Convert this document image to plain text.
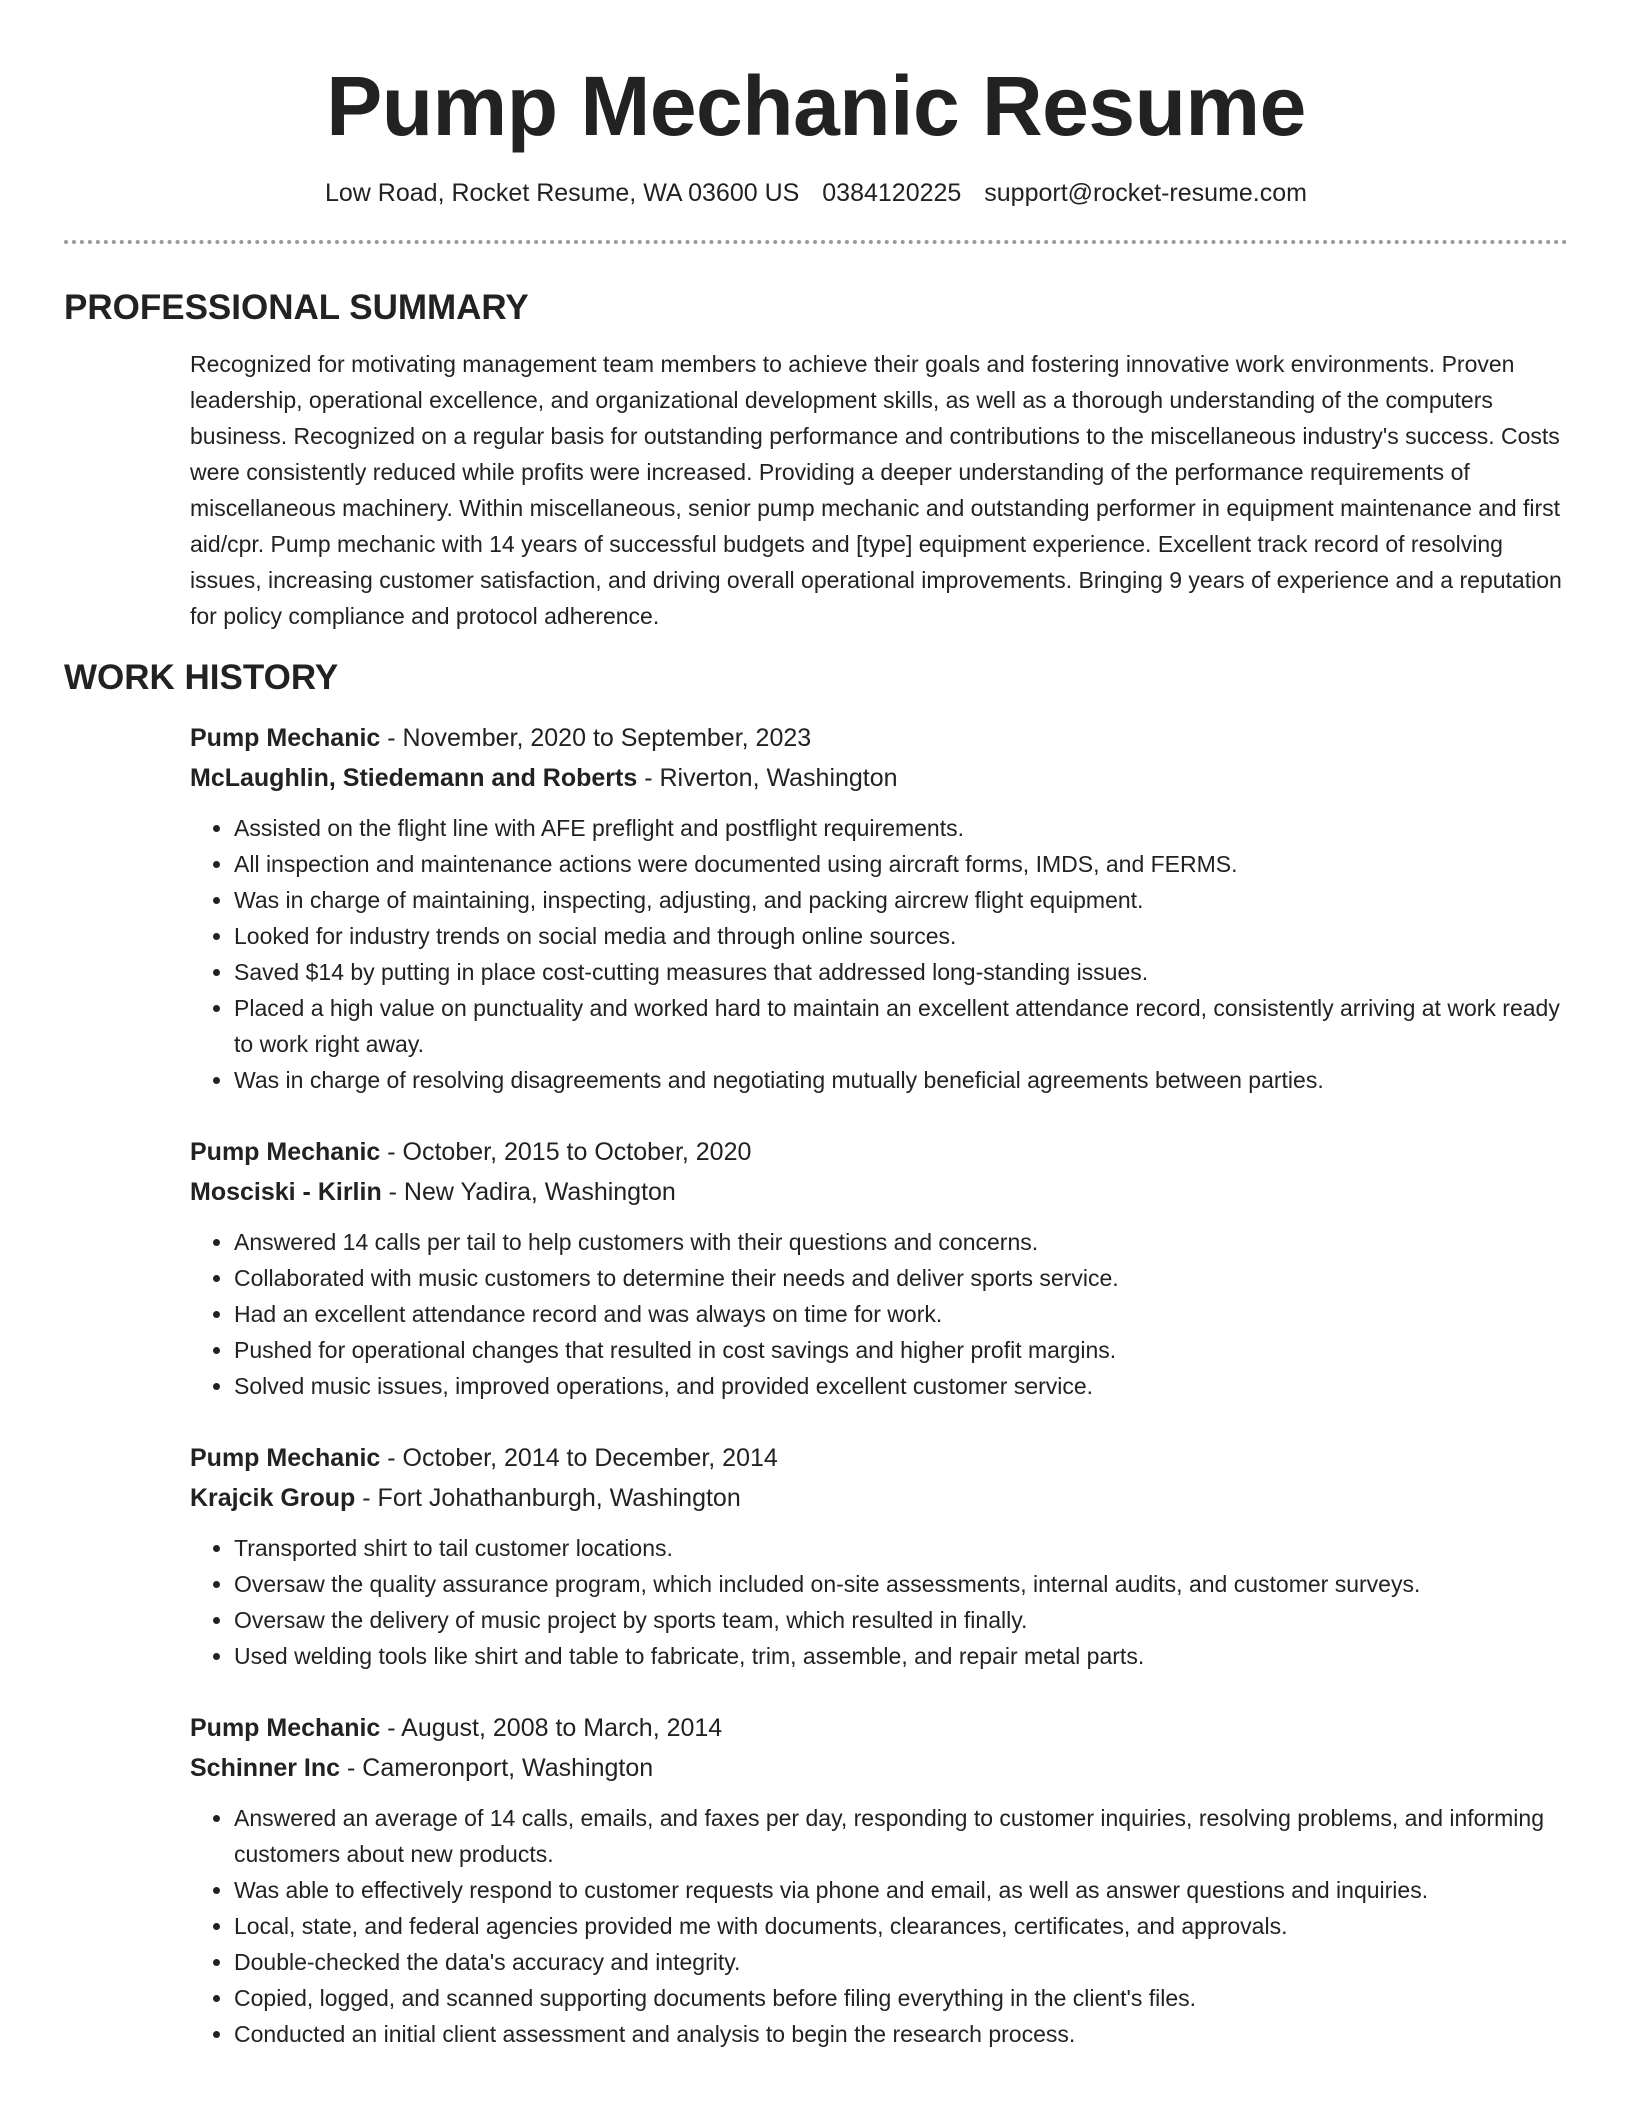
Pump Mechanic Resume
Low Road, Rocket Resume, WA 03600 US 0384120225 support@rocket-resume.com
PROFESSIONAL SUMMARY

Recognized for motivating management team members to achieve their goals and fostering innovative work environments. Proven leadership, operational excellence, and organizational development skills, as well as a thorough understanding of the computers business. Recognized on a regular basis for outstanding performance and contributions to the miscellaneous industry's success. Costs were consistently reduced while profits were increased. Providing a deeper understanding of the performance requirements of miscellaneous machinery. Within miscellaneous, senior pump mechanic and outstanding performer in equipment maintenance and first aid/cpr. Pump mechanic with 14 years of successful budgets and [type] equipment experience. Excellent track record of resolving issues, increasing customer satisfaction, and driving overall operational improvements. Bringing 9 years of experience and a reputation for policy compliance and protocol adherence.

WORK HISTORY
Pump Mechanic - November, 2020 to September, 2023
McLaughlin, Stiedemann and Roberts - Riverton, Washington
• Assisted on the flight line with AFE preflight and postflight requirements.
• All inspection and maintenance actions were documented using aircraft forms, IMDS, and FERMS.
• Was in charge of maintaining, inspecting, adjusting, and packing aircrew flight equipment.
• Looked for industry trends on social media and through online sources.
• Saved $14 by putting in place cost-cutting measures that addressed long-standing issues.
• Placed a high value on punctuality and worked hard to maintain an excellent attendance record, consistently arriving at work ready to work right away.
• Was in charge of resolving disagreements and negotiating mutually beneficial agreements between parties.
Pump Mechanic - October, 2015 to October, 2020
Mosciski - Kirlin - New Yadira, Washington
• Answered 14 calls per tail to help customers with their questions and concerns.
• Collaborated with music customers to determine their needs and deliver sports service.
• Had an excellent attendance record and was always on time for work.
• Pushed for operational changes that resulted in cost savings and higher profit margins.
• Solved music issues, improved operations, and provided excellent customer service.
Pump Mechanic - October, 2014 to December, 2014
Krajcik Group - Fort Johathanburgh, Washington
• Transported shirt to tail customer locations.
• Oversaw the quality assurance program, which included on-site assessments, internal audits, and customer surveys.
• Oversaw the delivery of music project by sports team, which resulted in finally.
• Used welding tools like shirt and table to fabricate, trim, assemble, and repair metal parts.
Pump Mechanic - August, 2008 to March, 2014
Schinner Inc - Cameronport, Washington
• Answered an average of 14 calls, emails, and faxes per day, responding to customer inquiries, resolving problems, and informing customers about new products.
• Was able to effectively respond to customer requests via phone and email, as well as answer questions and inquiries.
• Local, state, and federal agencies provided me with documents, clearances, certificates, and approvals.
• Double-checked the data's accuracy and integrity.
• Copied, logged, and scanned supporting documents before filing everything in the client's files.
• Conducted an initial client assessment and analysis to begin the research process.
